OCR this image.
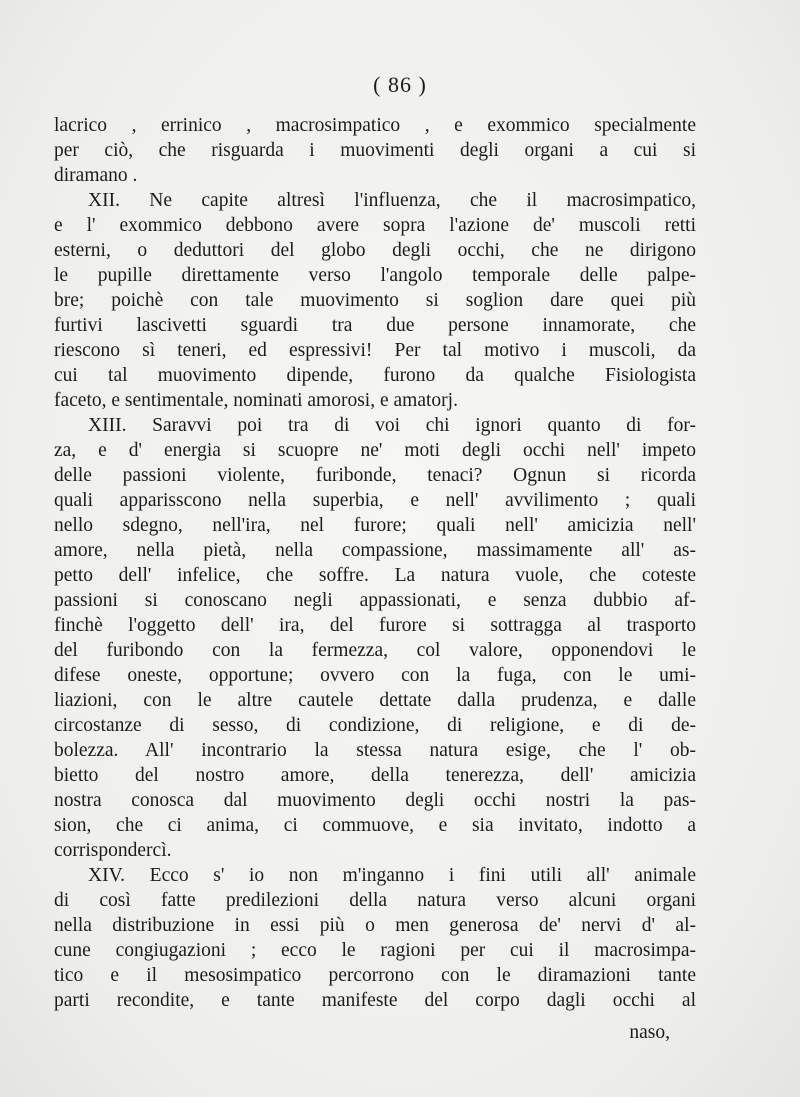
( 86 )
lacrico , errinico , macrosimpatico , e exommico specialmente
per ciò, che risguarda i muovimenti degli organi a cui si
diramano .
XII. Ne capite altresì l'influenza, che il macrosimpatico,
e l' exommico debbono avere sopra l'azione de' muscoli retti
esterni, o deduttori del globo degli occhi, che ne dirigono
le pupille direttamente verso l'angolo temporale delle palpe-
bre; poichè con tale muovimento si soglion dare quei più
furtivi lascivetti sguardi tra due persone innamorate, che
riescono sì teneri, ed espressivi! Per tal motivo i muscoli, da
cui tal muovimento dipende, furono da qualche Fisiologista
faceto, e sentimentale, nominati amorosi, e amatorj.
XIII. Saravvi poi tra di voi chi ignori quanto di for-
za, e d' energia si scuopre ne' moti degli occhi nell' impeto
delle passioni violente, furibonde, tenaci? Ognun si ricorda
quali apparisscono nella superbia, e nell' avvilimento ; quali
nello sdegno, nell'ira, nel furore; quali nell' amicizia nell'
amore, nella pietà, nella compassione, massimamente all' as-
petto dell' infelice, che soffre. La natura vuole, che coteste
passioni si conoscano negli appassionati, e senza dubbio af-
finchè l'oggetto dell' ira, del furore si sottragga al trasporto
del furibondo con la fermezza, col valore, opponendovi le
difese oneste, opportune; ovvero con la fuga, con le umi-
liazioni, con le altre cautele dettate dalla prudenza, e dalle
circostanze di sesso, di condizione, di religione, e di de-
bolezza. All' incontrario la stessa natura esige, che l' ob-
bietto del nostro amore, della tenerezza, dell' amicizia
nostra conosca dal muovimento degli occhi nostri la pas-
sion, che ci anima, ci commuove, e sia invitato, indotto a
corrispondercì.
XIV. Ecco s' io non m'inganno i fini utili all' animale
di così fatte predilezioni della natura verso alcuni organi
nella distribuzione in essi più o men generosa de' nervi d' al-
cune congiugazioni ; ecco le ragioni per cui il macrosimpa-
tico e il mesosimpatico percorrono con le diramazioni tante
parti recondite, e tante manifeste del corpo dagli occhi al
naso,
